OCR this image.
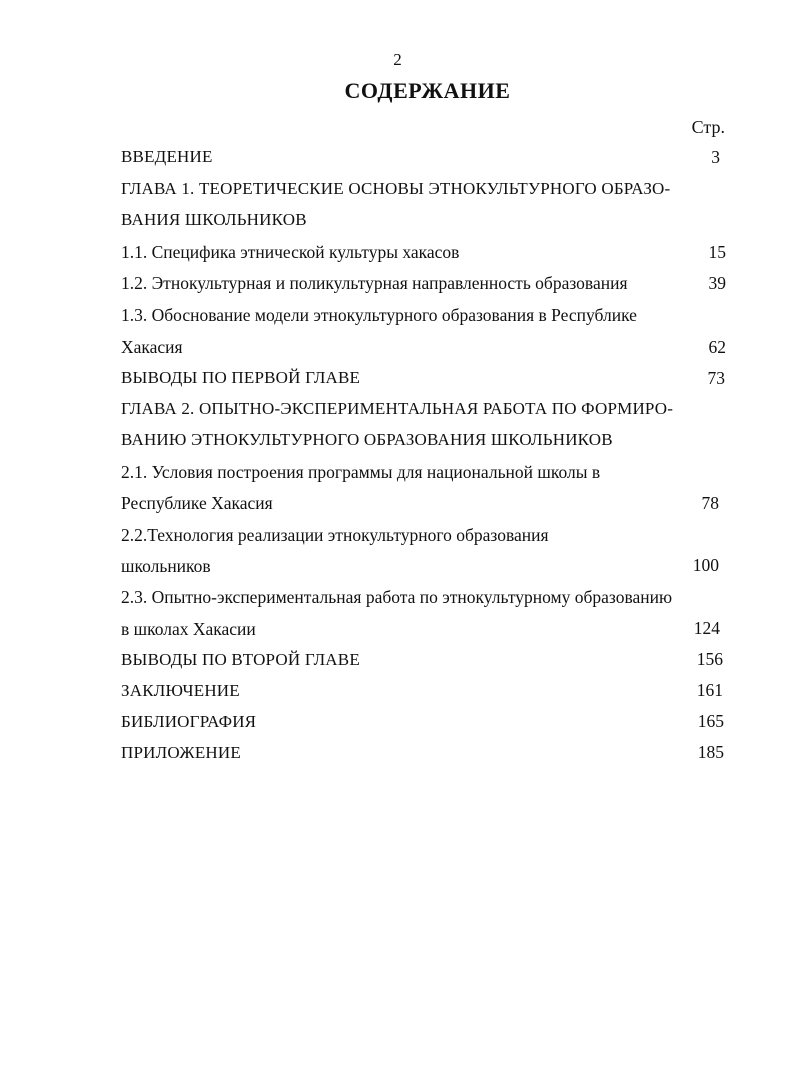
2
СОДЕРЖАНИЕ
Стр.
ВВЕДЕНИЕ	3
ГЛАВА 1. ТЕОРЕТИЧЕСКИЕ ОСНОВЫ ЭТНОКУЛЬТУРНОГО ОБРАЗО-
ВАНИЯ ШКОЛЬНИКОВ
1.1. Специфика этнической культуры хакасов	15
1.2. Этнокультурная и поликультурная направленность образования	39
1.3. Обоснование модели этнокультурного образования в Республике
Хакасия	62
ВЫВОДЫ ПО ПЕРВОЙ ГЛАВЕ	73
ГЛАВА 2. ОПЫТНО-ЭКСПЕРИМЕНТАЛЬНАЯ РАБОТА ПО ФОРМИРО-
ВАНИЮ ЭТНОКУЛЬТУРНОГО ОБРАЗОВАНИЯ ШКОЛЬНИКОВ
2.1. Условия построения программы для национальной школы в
Республике Хакасия	78
2.2.Технология реализации этнокультурного образования
школьников	100
2.3. Опытно-экспериментальная работа по этнокультурному образованию
в школах Хакасии	124
ВЫВОДЫ ПО ВТОРОЙ ГЛАВЕ	156
ЗАКЛЮЧЕНИЕ	161
БИБЛИОГРАФИЯ	165
ПРИЛОЖЕНИЕ	185
